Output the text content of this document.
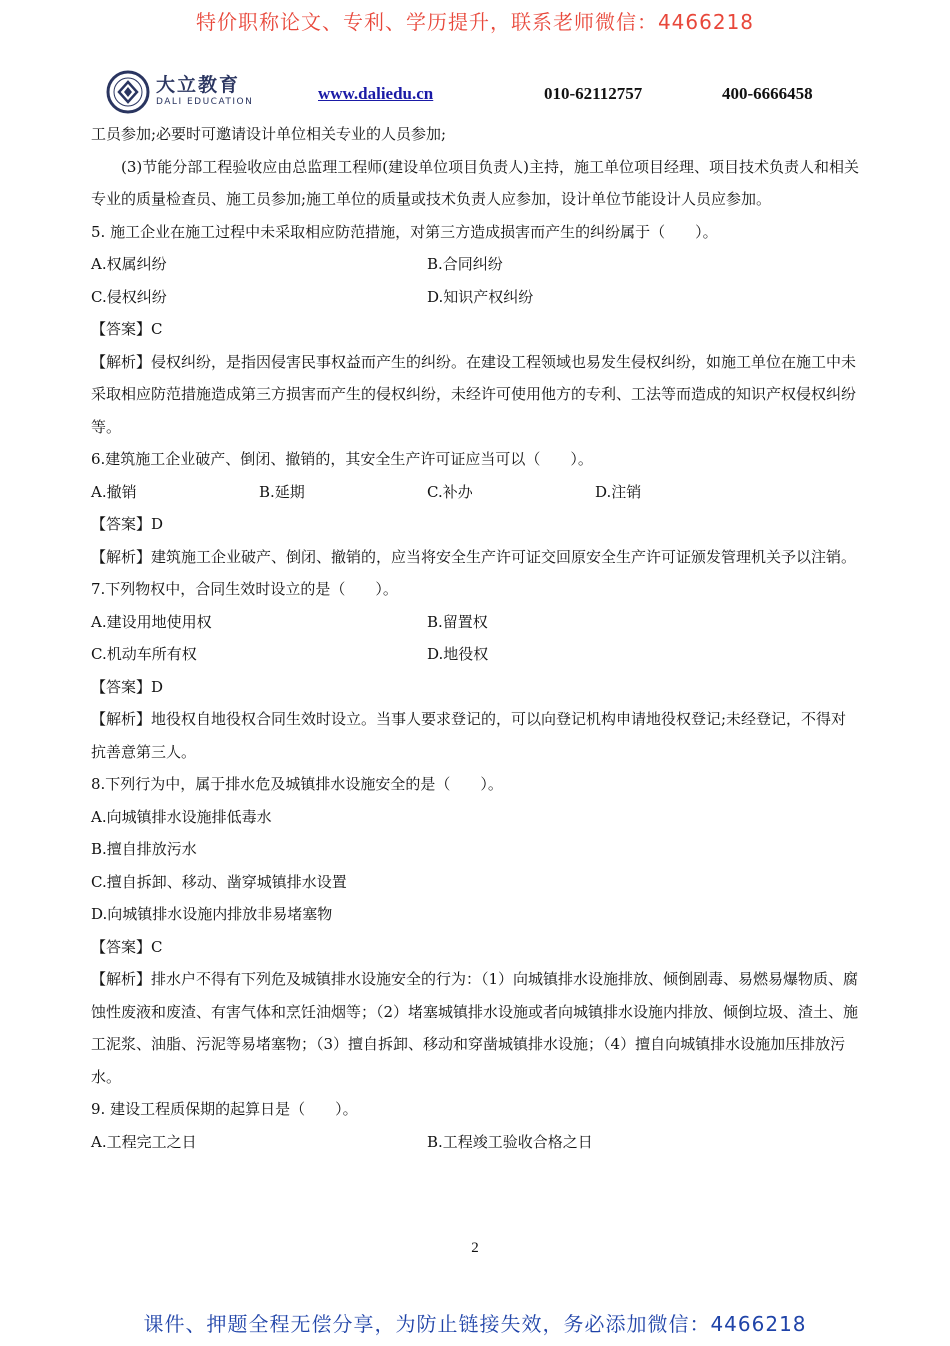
特价职称论文、专利、学历提升，联系老师微信：4466218
大立教育
DALI EDUCATION	www.daliedu.cn	010-62112757	400-6666458

工员参加;必要时可邀请设计单位相关专业的人员参加;

(3)节能分部工程验收应由总监理工程师(建设单位项目负责人)主持，施工单位项目经理、项目技术负责人和相关专业的质量检查员、施工员参加;施工单位的质量或技术负责人应参加，设计单位节能设计人员应参加。

5. 施工企业在施工过程中未采取相应防范措施，对第三方造成损害而产生的纠纷属于（　　）。

A.权属纠纷	B.合同纠纷
C.侵权纠纷	D.知识产权纠纷

【答案】C

【解析】侵权纠纷，是指因侵害民事权益而产生的纠纷。在建设工程领域也易发生侵权纠纷，如施工单位在施工中未采取相应防范措施造成第三方损害而产生的侵权纠纷，未经许可使用他方的专利、工法等而造成的知识产权侵权纠纷等。

6.建筑施工企业破产、倒闭、撤销的，其安全生产许可证应当可以（　　）。

A.撤销	B.延期	C.补办	D.注销

【答案】D

【解析】建筑施工企业破产、倒闭、撤销的，应当将安全生产许可证交回原安全生产许可证颁发管理机关予以注销。

7.下列物权中，合同生效时设立的是（　　）。

A.建设用地使用权	B.留置权
C.机动车所有权	D.地役权

【答案】D

【解析】地役权自地役权合同生效时设立。当事人要求登记的，可以向登记机构申请地役权登记;未经登记，不得对抗善意第三人。

8.下列行为中，属于排水危及城镇排水设施安全的是（　　）。

A.向城镇排水设施排低毒水

B.擅自排放污水

C.擅自拆卸、移动、凿穿城镇排水设置

D.向城镇排水设施内排放非易堵塞物

【答案】C

【解析】排水户不得有下列危及城镇排水设施安全的行为：（1）向城镇排水设施排放、倾倒剧毒、易燃易爆物质、腐蚀性废液和废渣、有害气体和烹饪油烟等；（2）堵塞城镇排水设施或者向城镇排水设施内排放、倾倒垃圾、渣土、施工泥浆、油脂、污泥等易堵塞物；（3）擅自拆卸、移动和穿凿城镇排水设施；（4）擅自向城镇排水设施加压排放污水。

9. 建设工程质保期的起算日是（　　）。

A.工程完工之日	B.工程竣工验收合格之日
2
课件、押题全程无偿分享，为防止链接失效，务必添加微信：4466218
